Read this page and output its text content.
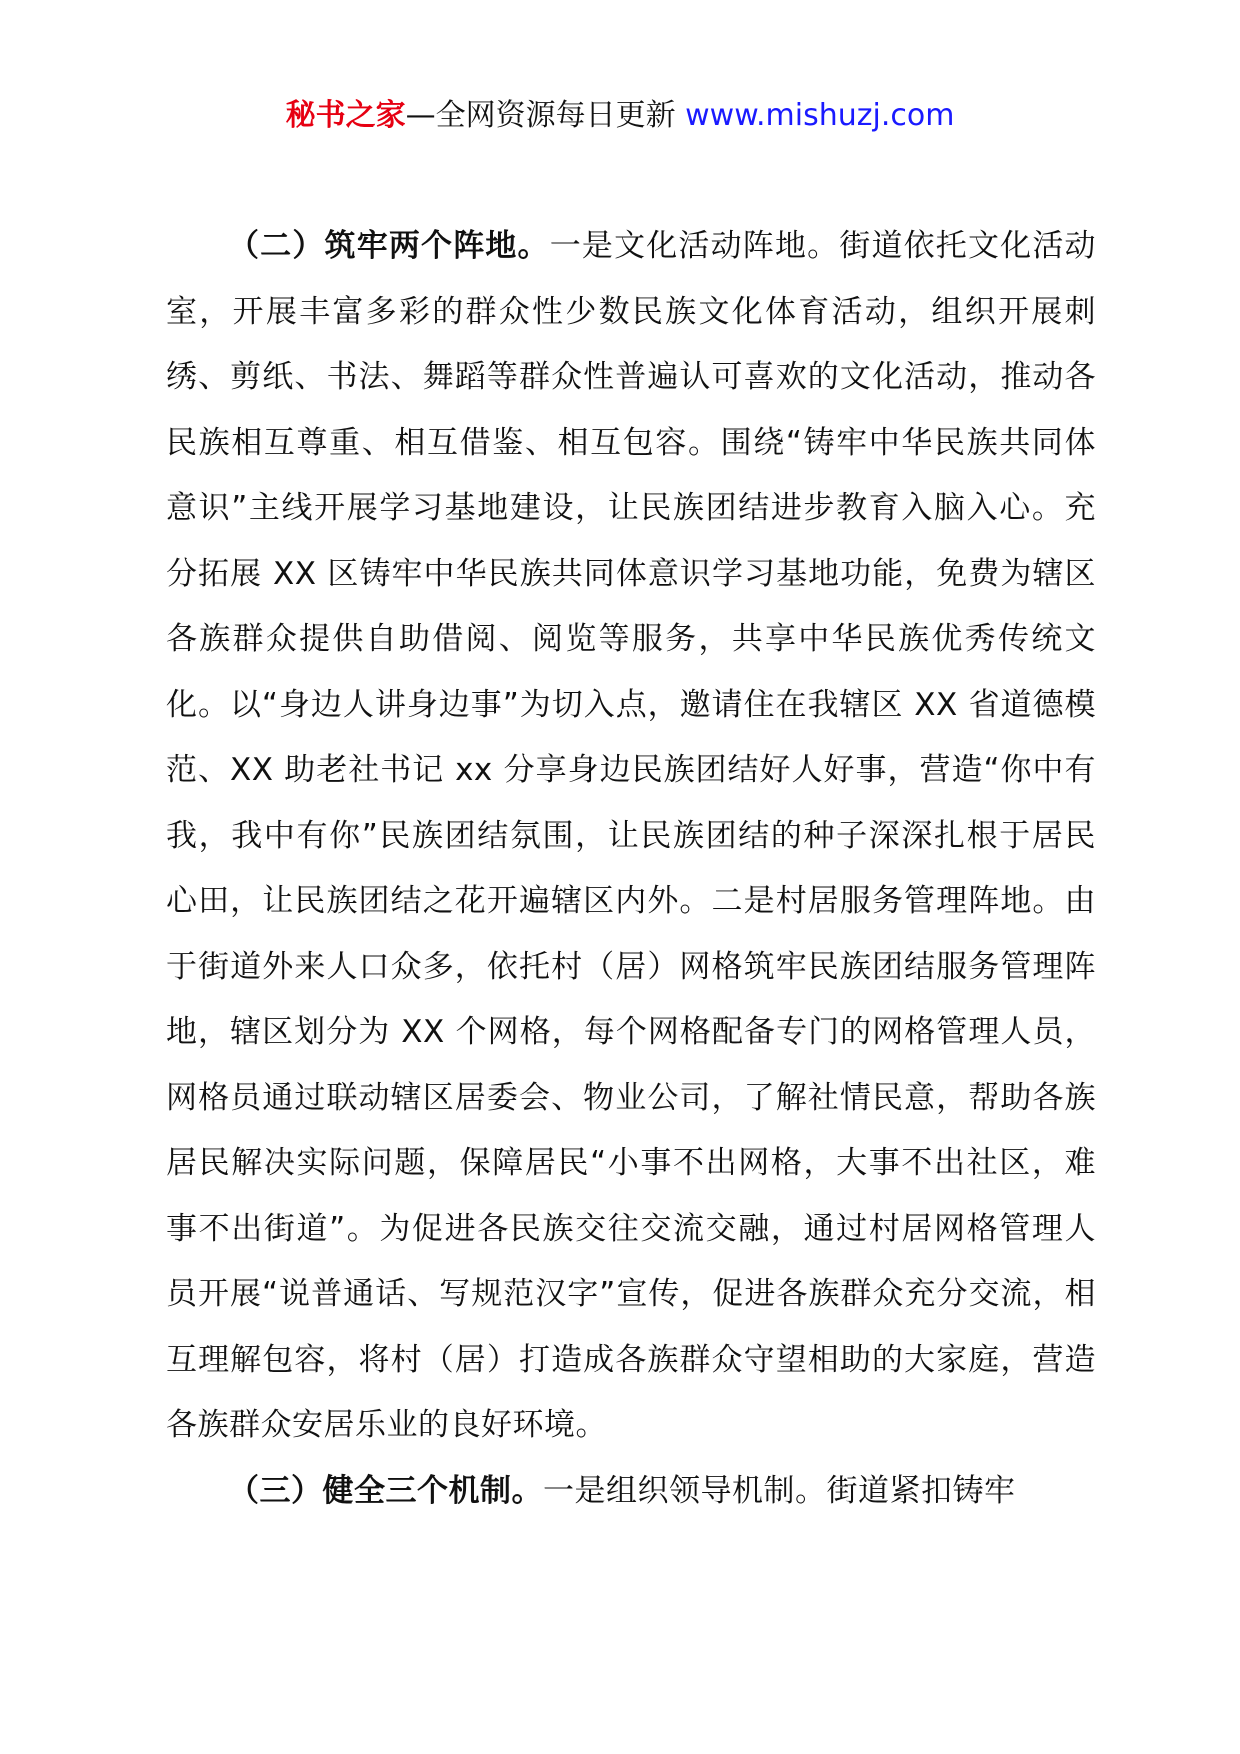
秘书之家—全网资源每日更新 www.mishuzj.com

（二）筑牢两个阵地。一是文化活动阵地。街道依托文化活动室，开展丰富多彩的群众性少数民族文化体育活动，组织开展刺绣、剪纸、书法、舞蹈等群众性普遍认可喜欢的文化活动，推动各民族相互尊重、相互借鉴、相互包容。围绕“铸牢中华民族共同体意识”主线开展学习基地建设，让民族团结进步教育入脑入心。充分拓展 XX 区铸牢中华民族共同体意识学习基地功能，免费为辖区各族群众提供自助借阅、阅览等服务，共享中华民族优秀传统文化。以“身边人讲身边事”为切入点，邀请住在我辖区 XX 省道德模范、XX 助老社书记 xx 分享身边民族团结好人好事，营造“你中有我，我中有你”民族团结氛围，让民族团结的种子深深扎根于居民心田，让民族团结之花开遍辖区内外。二是村居服务管理阵地。由于街道外来人口众多，依托村（居）网格筑牢民族团结服务管理阵地，辖区划分为 XX 个网格，每个网格配备专门的网格管理人员，网格员通过联动辖区居委会、物业公司，了解社情民意，帮助各族居民解决实际问题，保障居民“小事不出网格，大事不出社区，难事不出街道”。为促进各民族交往交流交融，通过村居网格管理人员开展“说普通话、写规范汉字”宣传，促进各族群众充分交流，相互理解包容，将村（居）打造成各族群众守望相助的大家庭，营造各族群众安居乐业的良好环境。

（三）健全三个机制。一是组织领导机制。街道紧扣铸牢
